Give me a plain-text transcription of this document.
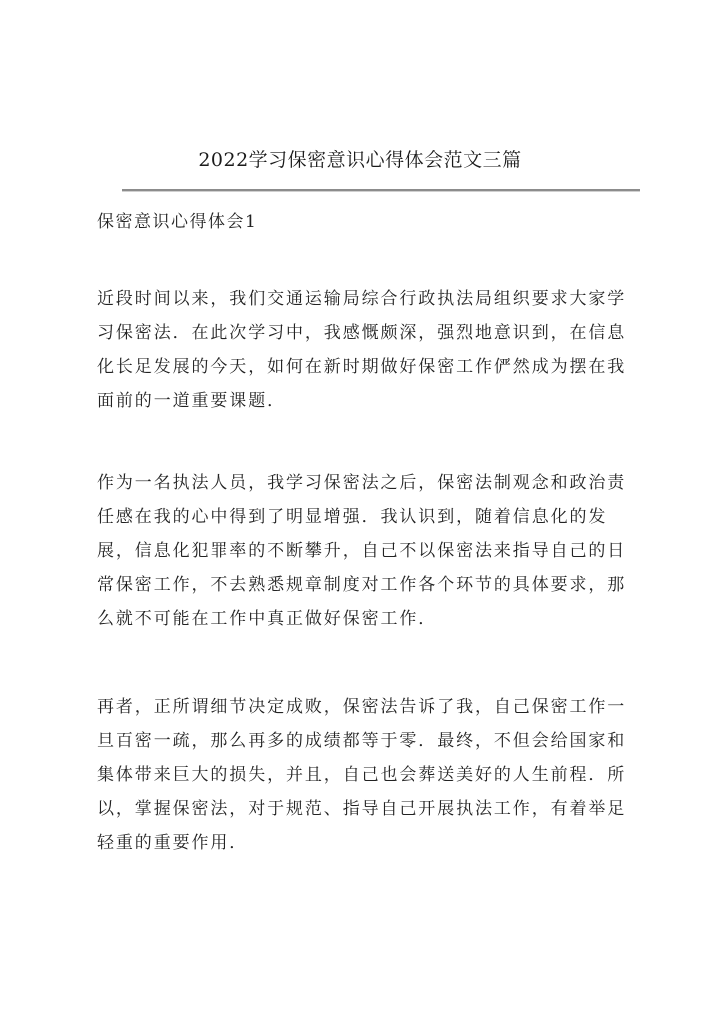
2022学习保密意识心得体会范文三篇
保密意识心得体会1
近段时间以来，我们交通运输局综合行政执法局组织要求大家学
习保密法．在此次学习中，我感慨颇深，强烈地意识到，在信息
化长足发展的今天，如何在新时期做好保密工作俨然成为摆在我
面前的一道重要课题．
作为一名执法人员，我学习保密法之后，保密法制观念和政治责
任感在我的心中得到了明显增强．我认识到，随着信息化的发
展，信息化犯罪率的不断攀升，自己不以保密法来指导自己的日
常保密工作，不去熟悉规章制度对工作各个环节的具体要求，那
么就不可能在工作中真正做好保密工作．
再者，正所谓细节决定成败，保密法告诉了我，自己保密工作一
旦百密一疏，那么再多的成绩都等于零．最终，不但会给国家和
集体带来巨大的损失，并且，自己也会葬送美好的人生前程．所
以，掌握保密法，对于规范、指导自己开展执法工作，有着举足
轻重的重要作用．
